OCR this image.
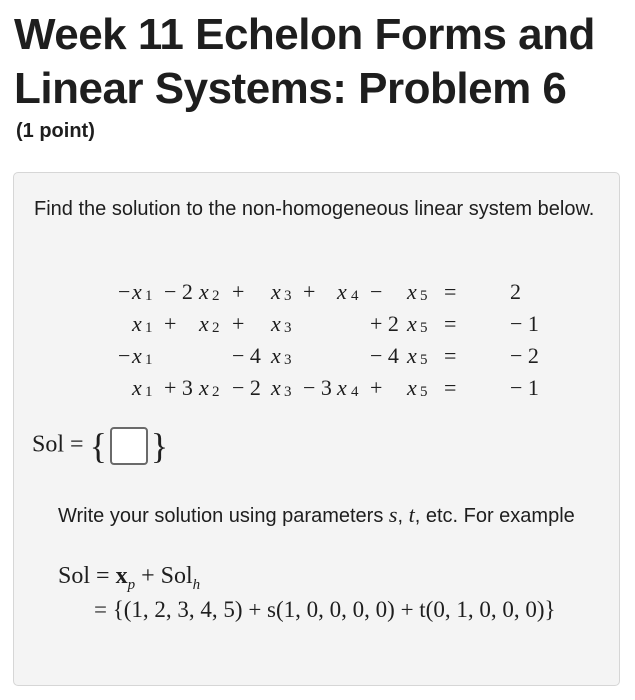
Week 11 Echelon Forms and Linear Systems: Problem 6
(1 point)
Find the solution to the non-homogeneous linear system below.
− x 1 − 2 x 2 + x 3 + x 4 − x 5 = 2
x 1 + x 2 + x 3	+ 2 x 5 = − 1
− x 1	− 4 x 3	− 4 x 5 = − 2
x 1 + 3 x 2 − 2 x 3 − 3 x 4 + x 5 = − 1
Sol = { }
Write your solution using parameters s, t, etc. For example
Sol = $x_p + Sol_h$
= {(1, 2, 3, 4, 5) + s(1, 0, 0, 0, 0) + t(0, 1, 0, 0, 0)}
